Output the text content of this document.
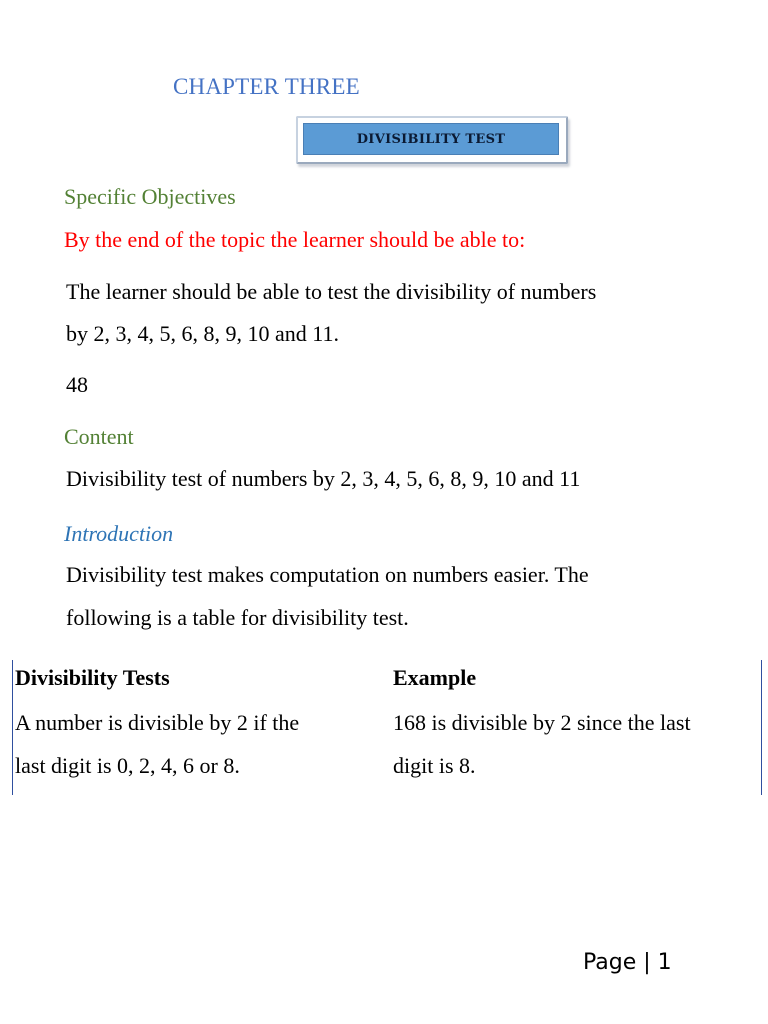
CHAPTER THREE
DIVISIBILITY TEST
Specific Objectives
By the end of the topic the learner should be able to:
The learner should be able to test the divisibility of numbers
by 2, 3, 4, 5, 6, 8, 9, 10 and 11.
48
Content
Divisibility test of numbers by 2, 3, 4, 5, 6, 8, 9, 10 and 11
Introduction
Divisibility test makes computation on numbers easier. The
following is a table for divisibility test.
Divisibility Tests	Example
A number is divisible by 2 if the
last digit is 0, 2, 4, 6 or 8.
168 is divisible by 2 since the last
digit is 8.
Page | 1
